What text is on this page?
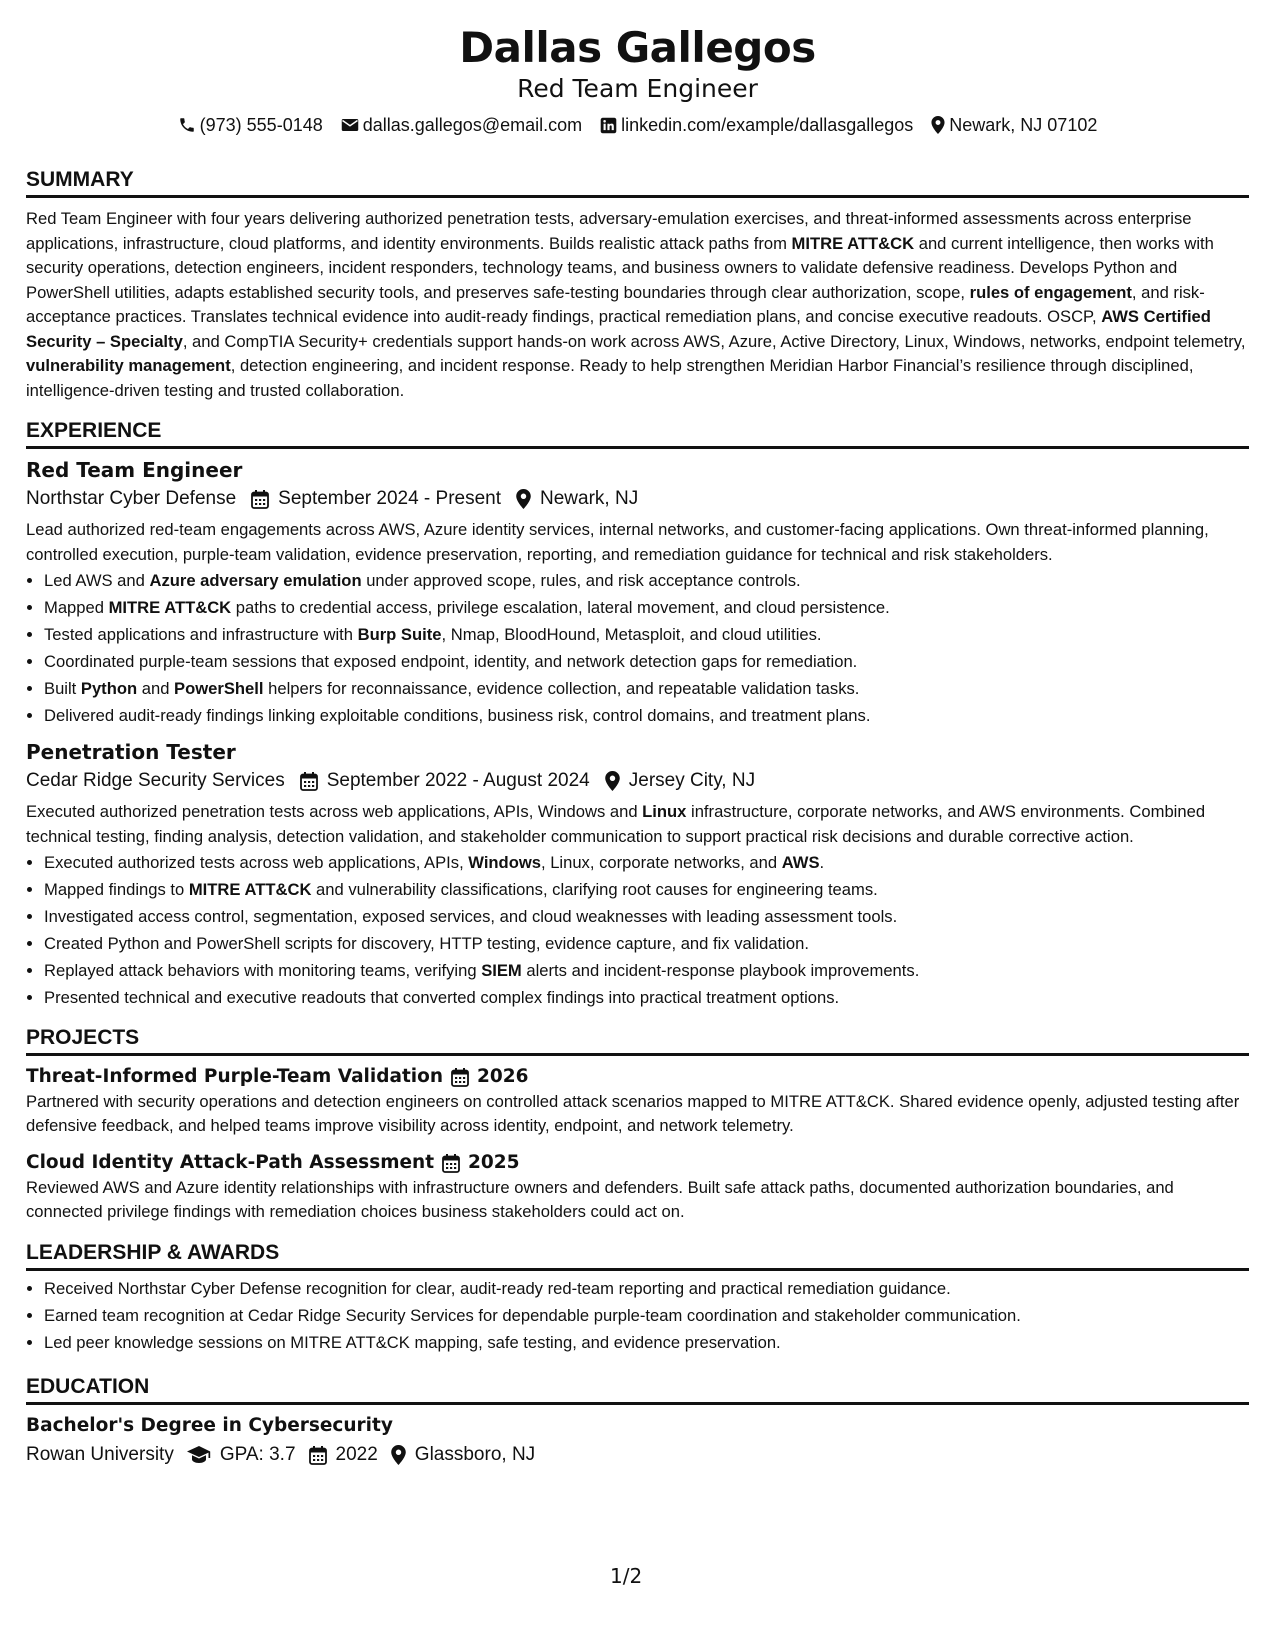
Dallas Gallegos
Red Team Engineer
(973) 555-0148 dallas.gallegos@email.com linkedin.com/example/dallasgallegos Newark, NJ 07102
SUMMARY
Red Team Engineer with four years delivering authorized penetration tests, adversary-emulation exercises, and threat-informed assessments across enterprise applications, infrastructure, cloud platforms, and identity environments. Builds realistic attack paths from MITRE ATT&CK and current intelligence, then works with security operations, detection engineers, incident responders, technology teams, and business owners to validate defensive readiness. Develops Python and PowerShell utilities, adapts established security tools, and preserves safe-testing boundaries through clear authorization, scope, rules of engagement, and risk-acceptance practices. Translates technical evidence into audit-ready findings, practical remediation plans, and concise executive readouts. OSCP, AWS Certified Security – Specialty, and CompTIA Security+ credentials support hands-on work across AWS, Azure, Active Directory, Linux, Windows, networks, endpoint telemetry, vulnerability management, detection engineering, and incident response. Ready to help strengthen Meridian Harbor Financial’s resilience through disciplined, intelligence-driven testing and trusted collaboration.
EXPERIENCE
Red Team Engineer
Northstar Cyber Defense September 2024 - Present Newark, NJ
Lead authorized red-team engagements across AWS, Azure identity services, internal networks, and customer-facing applications. Own threat-informed planning, controlled execution, purple-team validation, evidence preservation, reporting, and remediation guidance for technical and risk stakeholders.
• Led AWS and Azure adversary emulation under approved scope, rules, and risk acceptance controls.
• Mapped MITRE ATT&CK paths to credential access, privilege escalation, lateral movement, and cloud persistence.
• Tested applications and infrastructure with Burp Suite, Nmap, BloodHound, Metasploit, and cloud utilities.
• Coordinated purple-team sessions that exposed endpoint, identity, and network detection gaps for remediation.
• Built Python and PowerShell helpers for reconnaissance, evidence collection, and repeatable validation tasks.
• Delivered audit-ready findings linking exploitable conditions, business risk, control domains, and treatment plans.
Penetration Tester
Cedar Ridge Security Services September 2022 - August 2024 Jersey City, NJ
Executed authorized penetration tests across web applications, APIs, Windows and Linux infrastructure, corporate networks, and AWS environments. Combined technical testing, finding analysis, detection validation, and stakeholder communication to support practical risk decisions and durable corrective action.
• Executed authorized tests across web applications, APIs, Windows, Linux, corporate networks, and AWS.
• Mapped findings to MITRE ATT&CK and vulnerability classifications, clarifying root causes for engineering teams.
• Investigated access control, segmentation, exposed services, and cloud weaknesses with leading assessment tools.
• Created Python and PowerShell scripts for discovery, HTTP testing, evidence capture, and fix validation.
• Replayed attack behaviors with monitoring teams, verifying SIEM alerts and incident-response playbook improvements.
• Presented technical and executive readouts that converted complex findings into practical treatment options.
PROJECTS
Threat-Informed Purple-Team Validation 2026
Partnered with security operations and detection engineers on controlled attack scenarios mapped to MITRE ATT&CK. Shared evidence openly, adjusted testing after defensive feedback, and helped teams improve visibility across identity, endpoint, and network telemetry.
Cloud Identity Attack-Path Assessment 2025
Reviewed AWS and Azure identity relationships with infrastructure owners and defenders. Built safe attack paths, documented authorization boundaries, and connected privilege findings with remediation choices business stakeholders could act on.
LEADERSHIP & AWARDS
• Received Northstar Cyber Defense recognition for clear, audit-ready red-team reporting and practical remediation guidance.
• Earned team recognition at Cedar Ridge Security Services for dependable purple-team coordination and stakeholder communication.
• Led peer knowledge sessions on MITRE ATT&CK mapping, safe testing, and evidence preservation.
EDUCATION
Bachelor's Degree in Cybersecurity
Rowan University GPA: 3.7 2022 Glassboro, NJ
1/2
